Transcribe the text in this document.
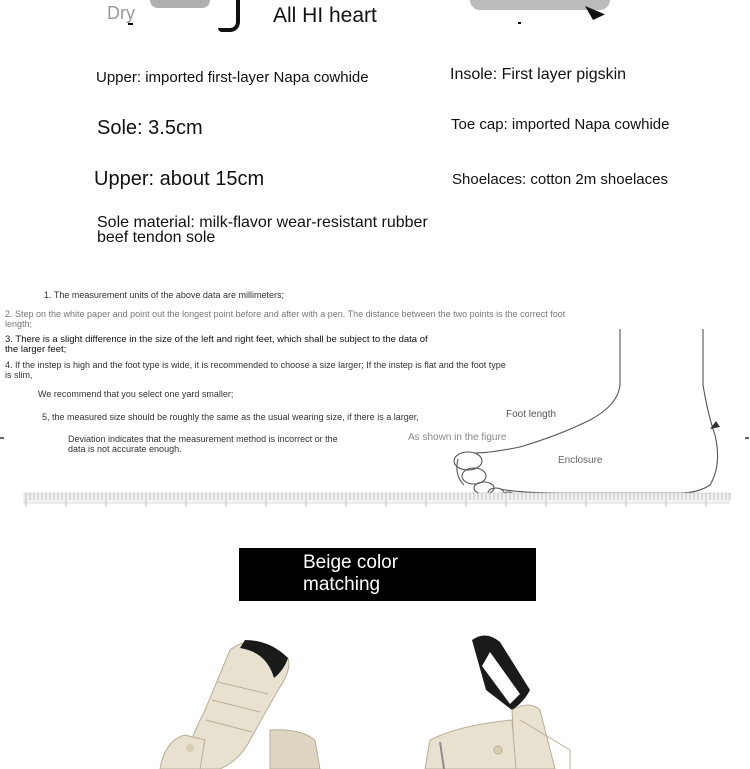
Dry	All HI heart
Upper: imported first-layer Napa cowhide	Insole: First layer pigskin
Sole: 3.5cm	Toe cap: imported Napa cowhide
Upper: about 15cm	Shoelaces: cotton 2m shoelaces
Sole material: milk-flavor wear-resistant rubber
beef tendon sole
1. The measurement units of the above data are millimeters;
2. Step on the white paper and point out the longest point before and after with a pen. The distance between the two points is the correct foot
length;
3. There is a slight difference in the size of the left and right feet, which shall be subject to the data of
the larger feet;
4. If the instep is high and the foot type is wide, it is recommended to choose a size larger; If the instep is flat and the foot type
is slim,
We recommend that you select one yard smaller;
5, the measured size should be roughly the same as the usual wearing size, if there is a larger,
Deviation indicates that the measurement method is incorrect or the
data is not accurate enough.
Foot length
As shown in the figure
Enclosure
Beige color
matching
